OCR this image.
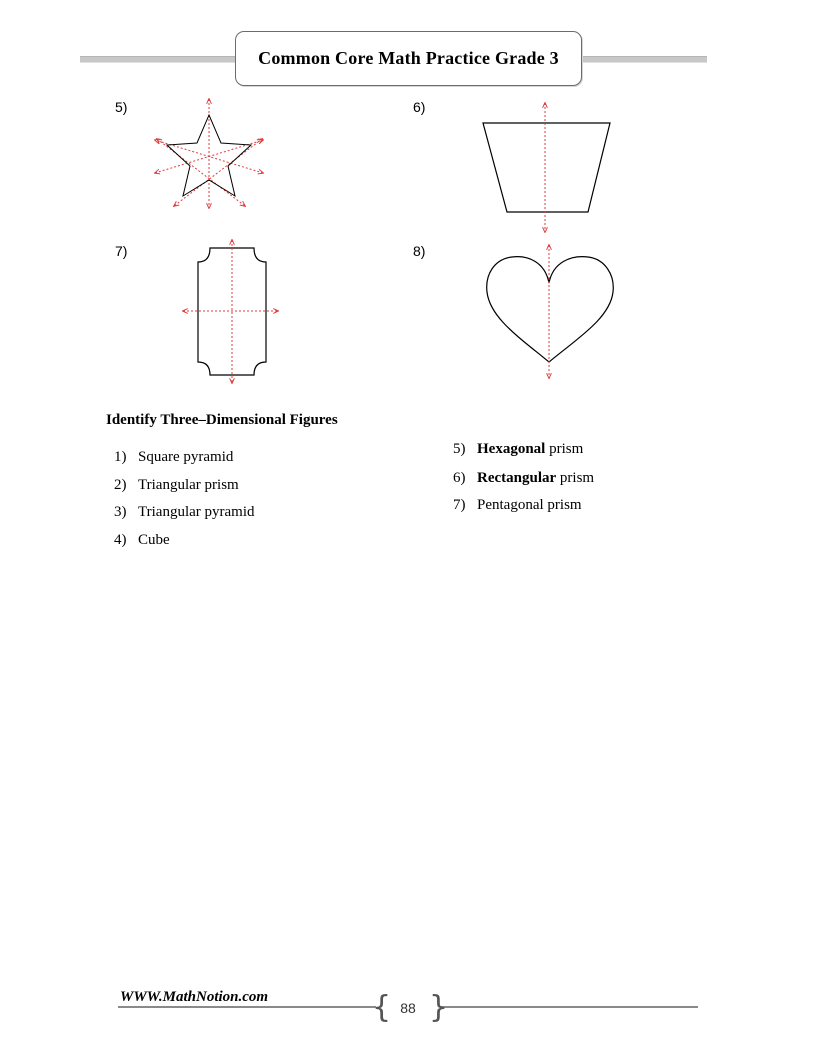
Common Core Math Practice Grade 3
5)	6)
7)	8)
Identify Three–Dimensional Figures
1) Square pyramid
2) Triangular prism
3) Triangular pyramid
4) Cube
5) Hexagonal prism
6) Rectangular prism
7) Pentagonal prism
WWW.MathNotion.com	{ 88 }
